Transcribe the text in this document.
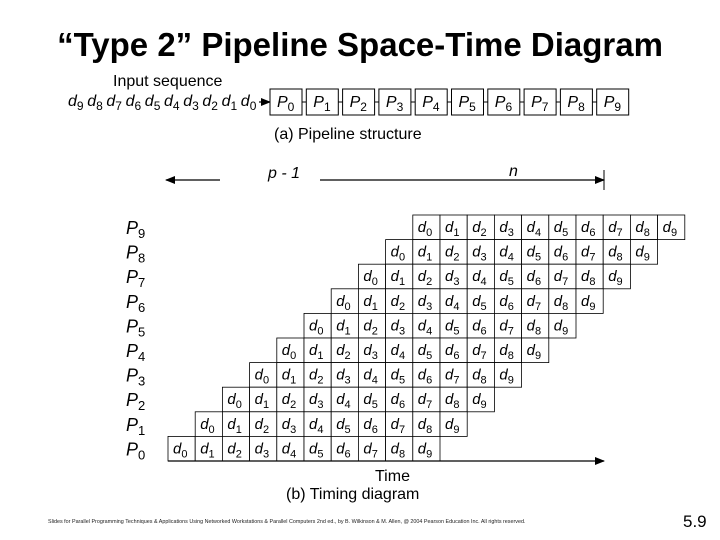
“Type 2” Pipeline Space-Time Diagram
Input sequence
$d_9$ $d_8$ $d_7$ $d_6$ $d_5$ $d_4$ $d_3$ $d_2$ $d_1$ $d_0$ $P_0$ $P_1$ $P_2$ $P_3$ $P_4$ $P_5$ $P_6$ $P_7$ $P_8$ $P_9$
(a) Pipeline structure
p - 1	n
$P_9$
$P_8$
$P_7$
$P_6$
$P_5$
$P_4$
$P_3$
$P_2$
$P_1$
$P_0$
$d_0$ $d_1$ $d_2$ $d_3$ $d_4$ $d_5$ $d_6$ $d_7$ $d_8$ $d_9$
$d_0$ $d_1$ $d_2$ $d_3$ $d_4$ $d_5$ $d_6$ $d_7$ $d_8$ $d_9$
$d_0$ $d_1$ $d_2$ $d_3$ $d_4$ $d_5$ $d_6$ $d_7$ $d_8$ $d_9$
$d_0$ $d_1$ $d_2$ $d_3$ $d_4$ $d_5$ $d_6$ $d_7$ $d_8$ $d_9$
$d_0$ $d_1$ $d_2$ $d_3$ $d_4$ $d_5$ $d_6$ $d_7$ $d_8$ $d_9$
$d_0$ $d_1$ $d_2$ $d_3$ $d_4$ $d_5$ $d_6$ $d_7$ $d_8$ $d_9$
$d_0$ $d_1$ $d_2$ $d_3$ $d_4$ $d_5$ $d_6$ $d_7$ $d_8$ $d_9$
$d_0$ $d_1$ $d_2$ $d_3$ $d_4$ $d_5$ $d_6$ $d_7$ $d_8$ $d_9$
$d_0$ $d_1$ $d_2$ $d_3$ $d_4$ $d_5$ $d_6$ $d_7$ $d_8$ $d_9$
$d_0$ $d_1$ $d_2$ $d_3$ $d_4$ $d_5$ $d_6$ $d_7$ $d_8$ $d_9$
Time
(b) Timing diagram
Slides for Parallel Programming Techniques & Applications Using Networked Workstations & Parallel Computers 2nd ed., by B. Wilkinson & M. Allen, @ 2004 Pearson Education Inc. All rights reserved.	5.9
